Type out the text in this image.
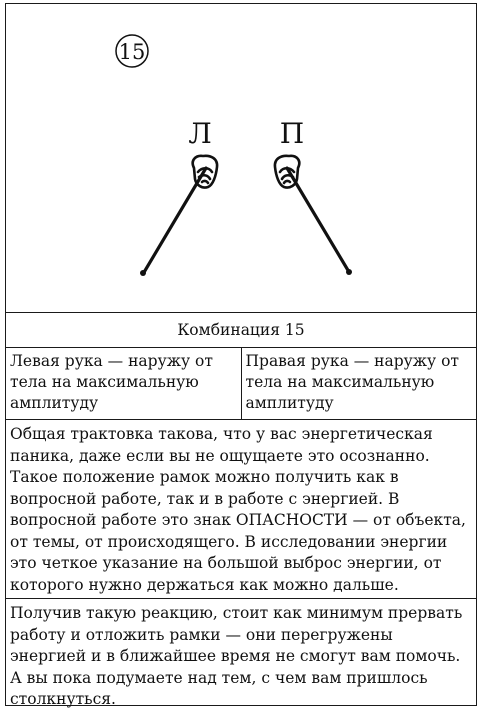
15
Л П
Комбинация 15
Левая рука — наружу от тела на максимальную амплитуду
Правая рука — наружу от тела на максимальную амплитуду
Общая трактовка такова, что у вас энергетическая паника, даже если вы не ощущаете это осознанно. Такое положение рамок можно получить как в вопросной работе, так и в работе с энергией. В вопросной работе это знак ОПАСНОСТИ — от объекта, от темы, от происходящего. В исследовании энергии это четкое указание на большой выброс энергии, от которого нужно держаться как можно дальше.
Получив такую реакцию, стоит как минимум прервать работу и отложить рамки — они перегружены энергией и в ближайшее время не смогут вам помочь. А вы пока подумаете над тем, с чем вам пришлось столкнуться.
